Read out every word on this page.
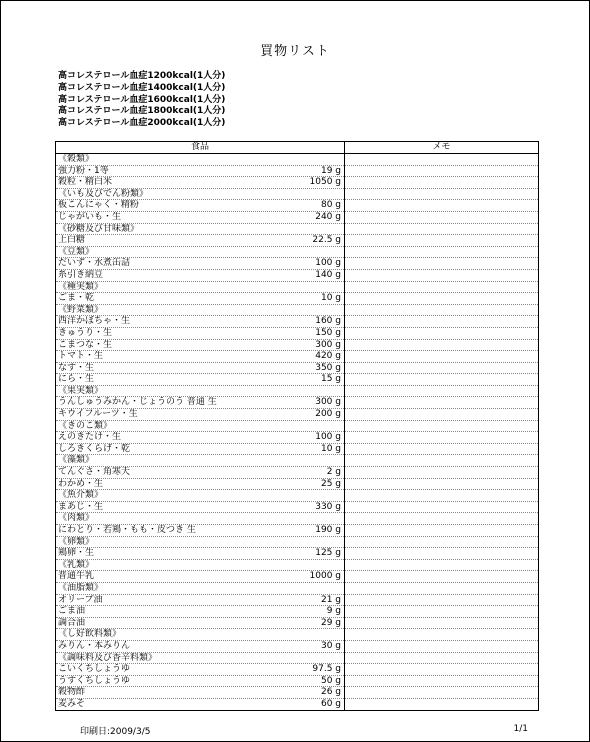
買物リスト
高コレステロール血症1200kcal(1人分)
高コレステロール血症1400kcal(1人分)
高コレステロール血症1600kcal(1人分)
高コレステロール血症1800kcal(1人分)
高コレステロール血症2000kcal(1人分)
食品	メモ
《穀類》	

強力粉・1等 19 g	

穀粒・精白米 1050 g	

《いも及びでん粉類》	

板こんにゃく・精粉 80 g	

じゃがいも・生 240 g	

《砂糖及び甘味類》	

上白糖 22.5 g	

《豆類》	

だいず・水煮缶詰 100 g	

糸引き納豆 140 g	

《種実類》	

ごま・乾 10 g	

《野菜類》	

西洋かぼちゃ・生 160 g	

きゅうり・生 150 g	

こまつな・生 300 g	

トマト・生 420 g	

なす・生 350 g	

にら・生 15 g	

《果実類》	

うんしゅうみかん・じょうのう 普通 生 300 g	

キウイフルーツ・生 200 g	

《きのこ類》	

えのきたけ・生 100 g	

しろきくらげ・乾 10 g	

《藻類》	

てんぐさ・角寒天 2 g	

わかめ・生 25 g	

《魚介類》	

まあじ・生 330 g	

《肉類》	

にわとり・若鶏・もも・皮つき 生 190 g	

《卵類》	

鶏卵・生 125 g	

《乳類》	

普通牛乳 1000 g	

《油脂類》	

オリーブ油 21 g	

ごま油 9 g	

調合油 29 g	

《し好飲料類》	

みりん・本みりん 30 g	

《調味料及び香辛料類》	

こいくちしょうゆ 97.5 g	

うすくちしょうゆ 50 g	

穀物酢 26 g	

麦みそ 60 g	

印刷日:2009/3/5	1/1
